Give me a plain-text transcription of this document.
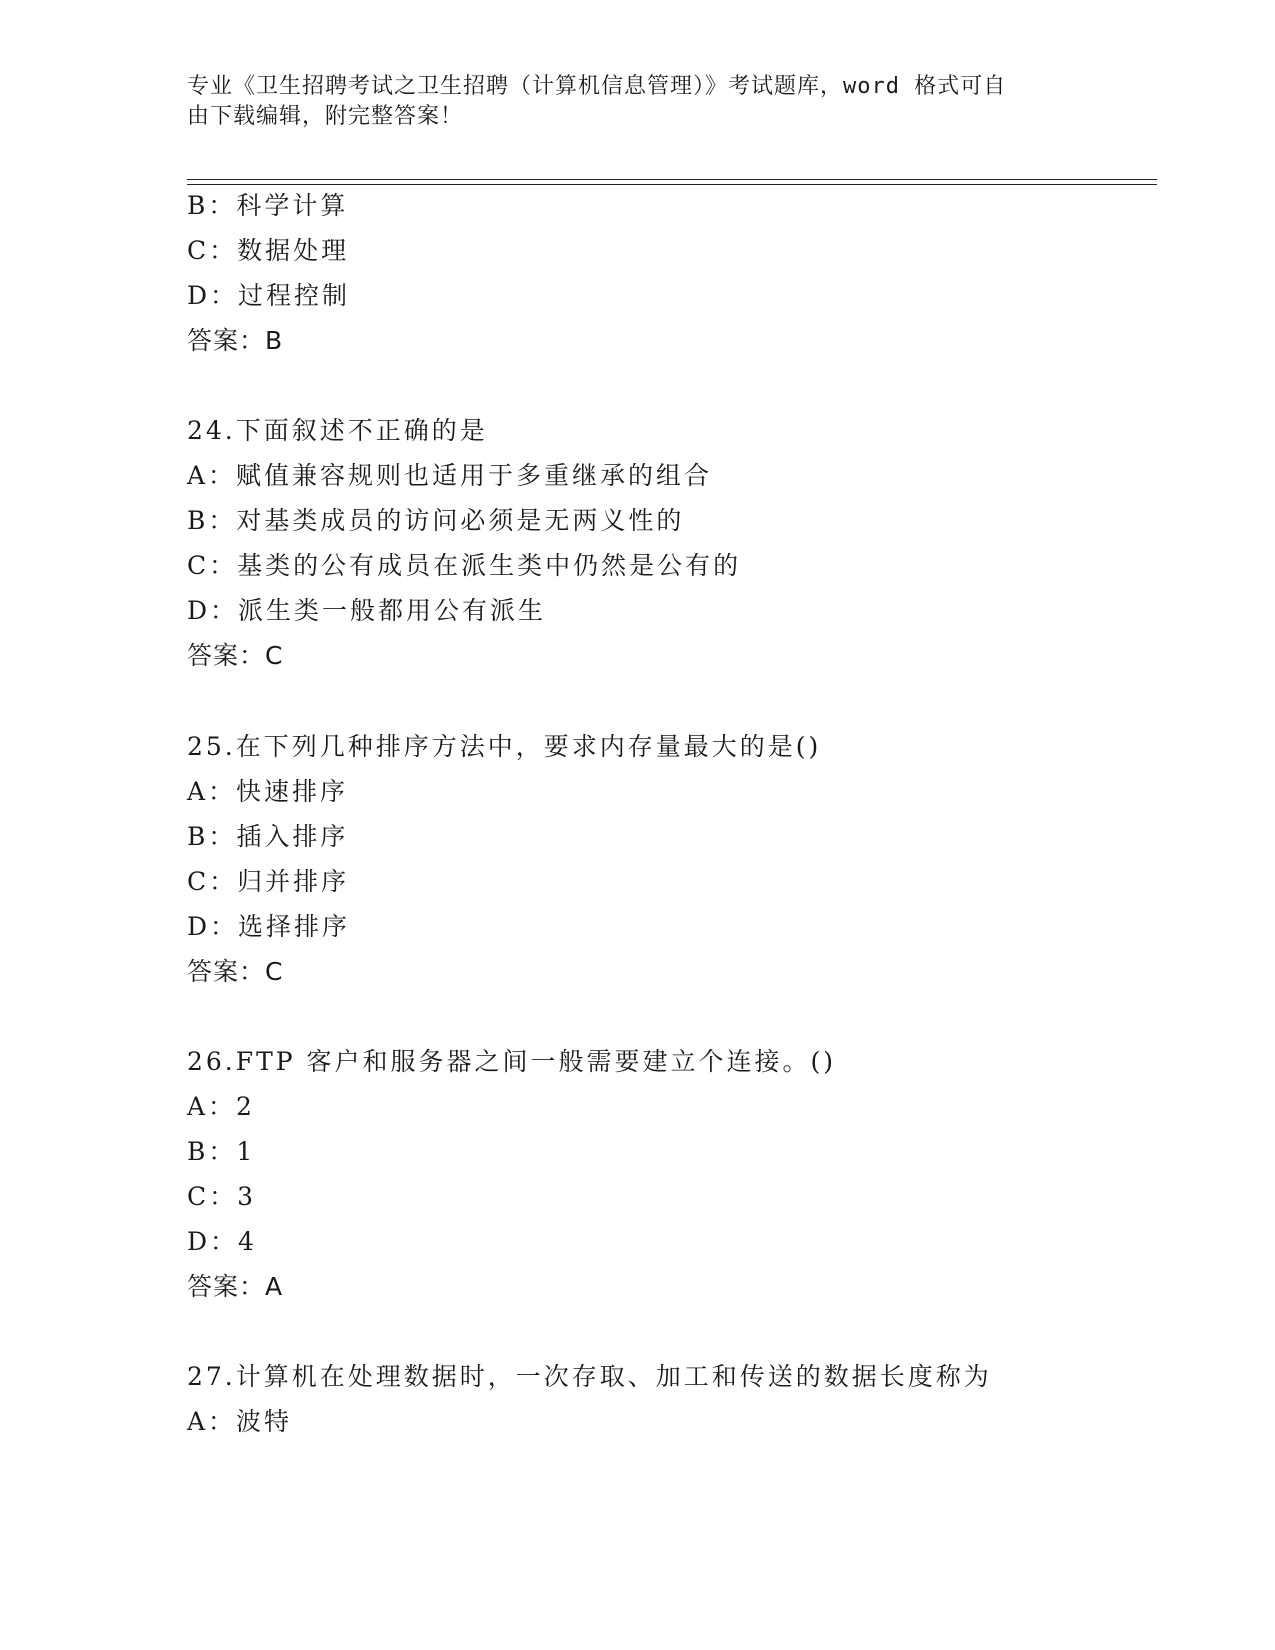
专业《卫生招聘考试之卫生招聘（计算机信息管理）》考试题库，word 格式可自
由下载编辑，附完整答案！
B：科学计算
C：数据处理
D：过程控制
答案：B
24.下面叙述不正确的是
A：赋值兼容规则也适用于多重继承的组合
B：对基类成员的访问必须是无两义性的
C：基类的公有成员在派生类中仍然是公有的
D：派生类一般都用公有派生
答案：C
25.在下列几种排序方法中，要求内存量最大的是()
A：快速排序
B：插入排序
C：归并排序
D：选择排序
答案：C
26.FTP 客户和服务器之间一般需要建立个连接。()
A：2
B：1
C：3
D：4
答案：A
27.计算机在处理数据时，一次存取、加工和传送的数据长度称为
A：波特
